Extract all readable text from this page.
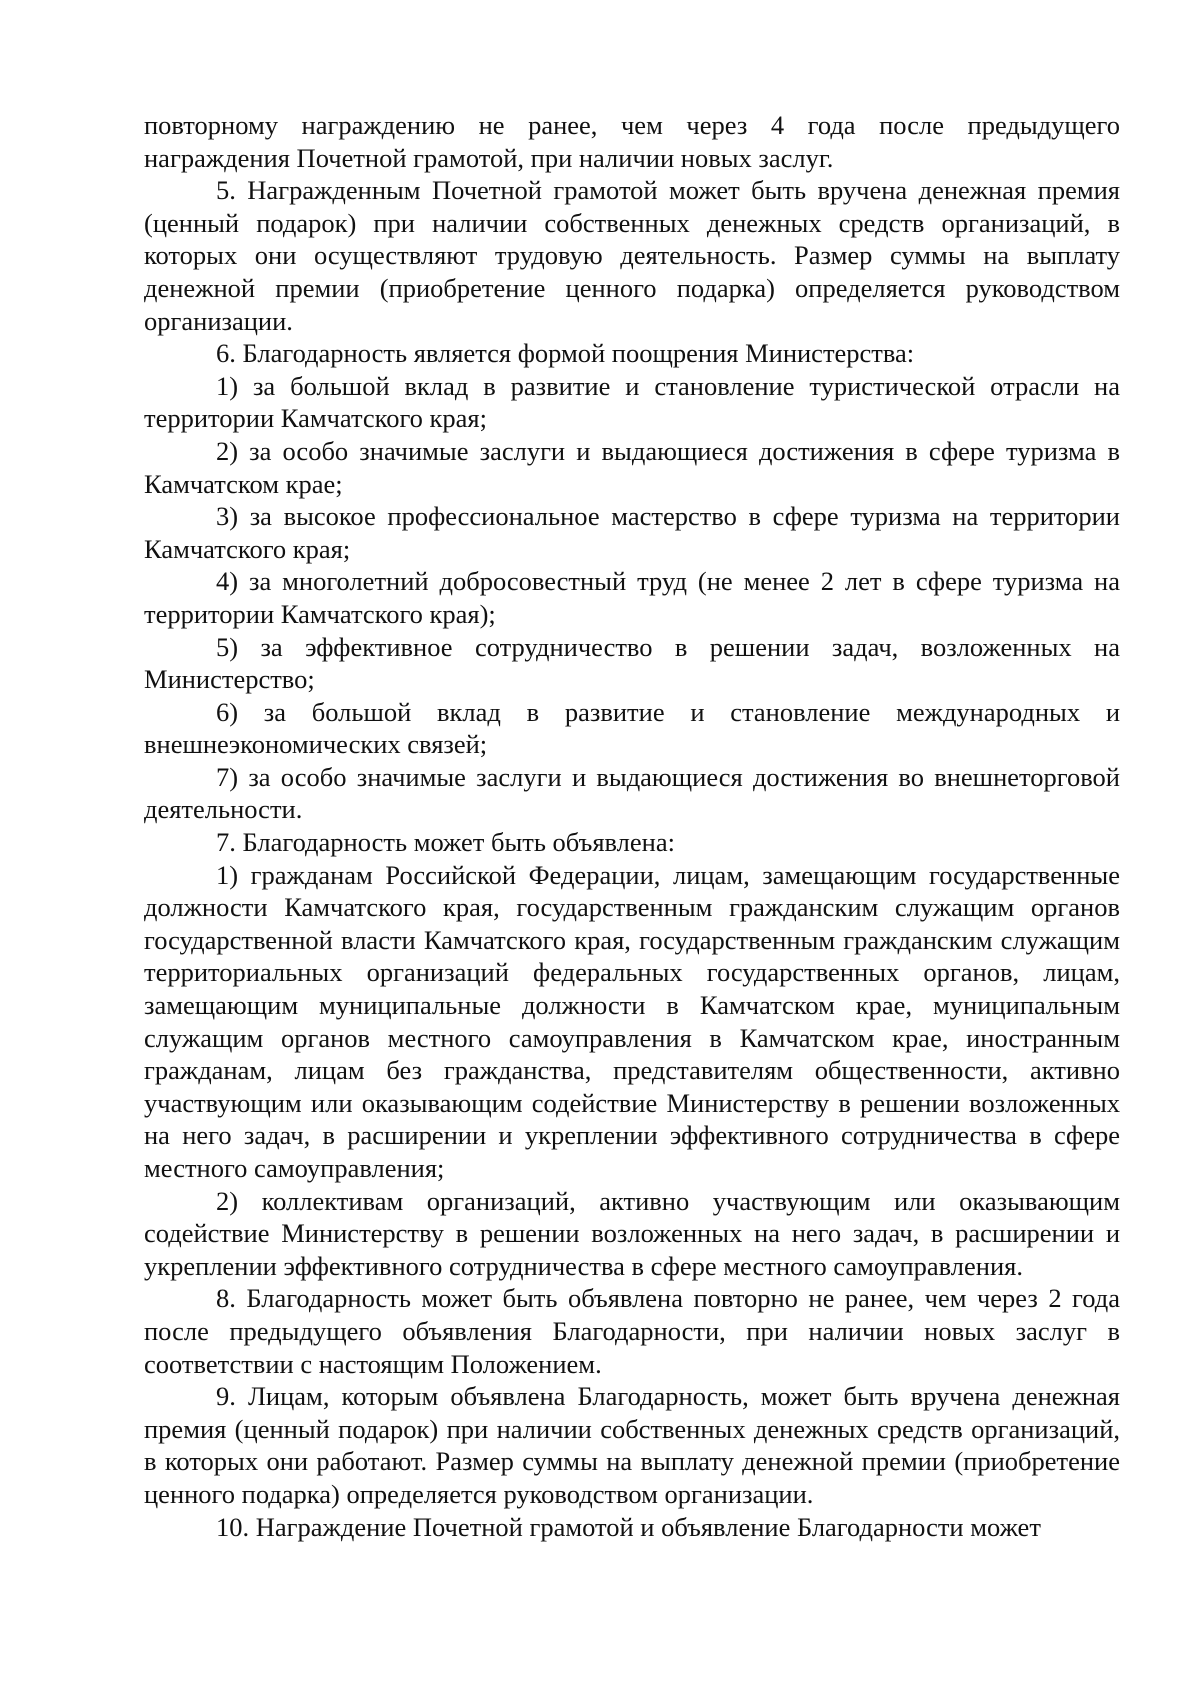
повторному награждению не ранее, чем через 4 года после предыдущего награждения Почетной грамотой, при наличии новых заслуг.

5. Награжденным Почетной грамотой может быть вручена денежная премия (ценный подарок) при наличии собственных денежных средств организаций, в которых они осуществляют трудовую деятельность. Размер суммы на выплату денежной премии (приобретение ценного подарка) определяется руководством организации.

6. Благодарность является формой поощрения Министерства:

1) за большой вклад в развитие и становление туристической отрасли на территории Камчатского края;

2) за особо значимые заслуги и выдающиеся достижения в сфере туризма в Камчатском крае;

3) за высокое профессиональное мастерство в сфере туризма на территории Камчатского края;

4) за многолетний добросовестный труд (не менее 2 лет в сфере туризма на территории Камчатского края);

5) за эффективное сотрудничество в решении задач, возложенных на Министерство;

6) за большой вклад в развитие и становление международных и внешнеэкономических связей;

7) за особо значимые заслуги и выдающиеся достижения во внешнеторговой деятельности.

7. Благодарность может быть объявлена:

1) гражданам Российской Федерации, лицам, замещающим государственные должности Камчатского края, государственным гражданским служащим органов государственной власти Камчатского края, государственным гражданским служащим территориальных организаций федеральных государственных органов, лицам, замещающим муниципальные должности в Камчатском крае, муниципальным служащим органов местного самоуправления в Камчатском крае, иностранным гражданам, лицам без гражданства, представителям общественности, активно участвующим или оказывающим содействие Министерству в решении возложенных на него задач, в расширении и укреплении эффективного сотрудничества в сфере местного самоуправления;

2) коллективам организаций, активно участвующим или оказывающим содействие Министерству в решении возложенных на него задач, в расширении и укреплении эффективного сотрудничества в сфере местного самоуправления.

8. Благодарность может быть объявлена повторно не ранее, чем через 2 года после предыдущего объявления Благодарности, при наличии новых заслуг в соответствии с настоящим Положением.

9. Лицам, которым объявлена Благодарность, может быть вручена денежная премия (ценный подарок) при наличии собственных денежных средств организаций, в которых они работают. Размер суммы на выплату денежной премии (приобретение ценного подарка) определяется руководством организации.

10. Награждение Почетной грамотой и объявление Благодарности может
